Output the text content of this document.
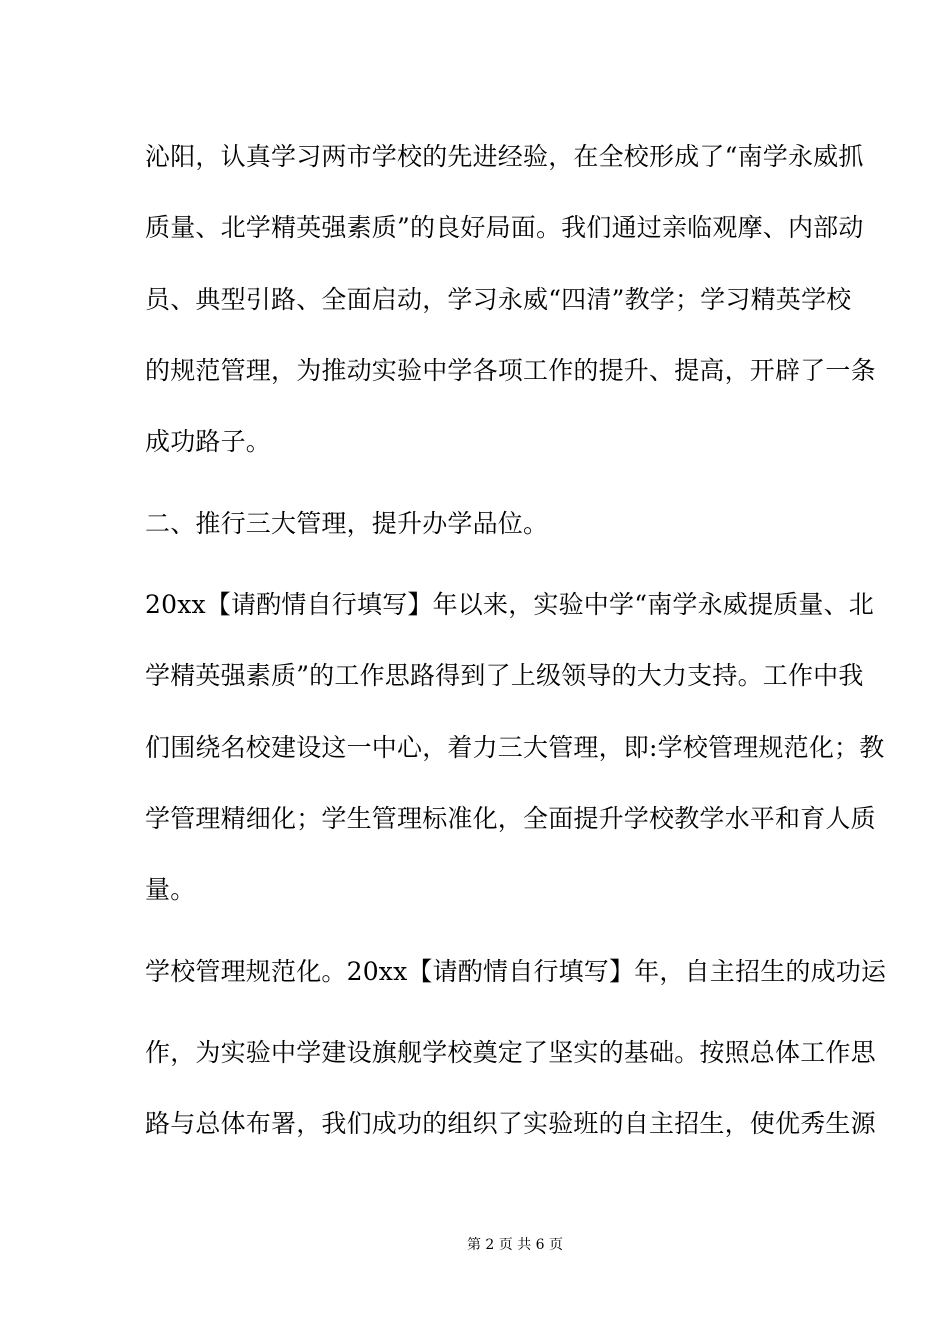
沁阳，认真学习两市学校的先进经验，在全校形成了“南学永威抓
质量、北学精英强素质”的良好局面。我们通过亲临观摩、内部动
员、典型引路、全面启动，学习永威“四清”教学；学习精英学校
的规范管理，为推动实验中学各项工作的提升、提高，开辟了一条
成功路子。
二、推行三大管理，提升办学品位。
20xx【请酌情自行填写】年以来，实验中学“南学永威提质量、北
学精英强素质”的工作思路得到了上级领导的大力支持。工作中我
们围绕名校建设这一中心，着力三大管理，即:学校管理规范化；教
学管理精细化；学生管理标准化，全面提升学校教学水平和育人质
量。
学校管理规范化。20xx【请酌情自行填写】年，自主招生的成功运
作，为实验中学建设旗舰学校奠定了坚实的基础。按照总体工作思
路与总体布署，我们成功的组织了实验班的自主招生，使优秀生源
第 2 页 共 6 页
